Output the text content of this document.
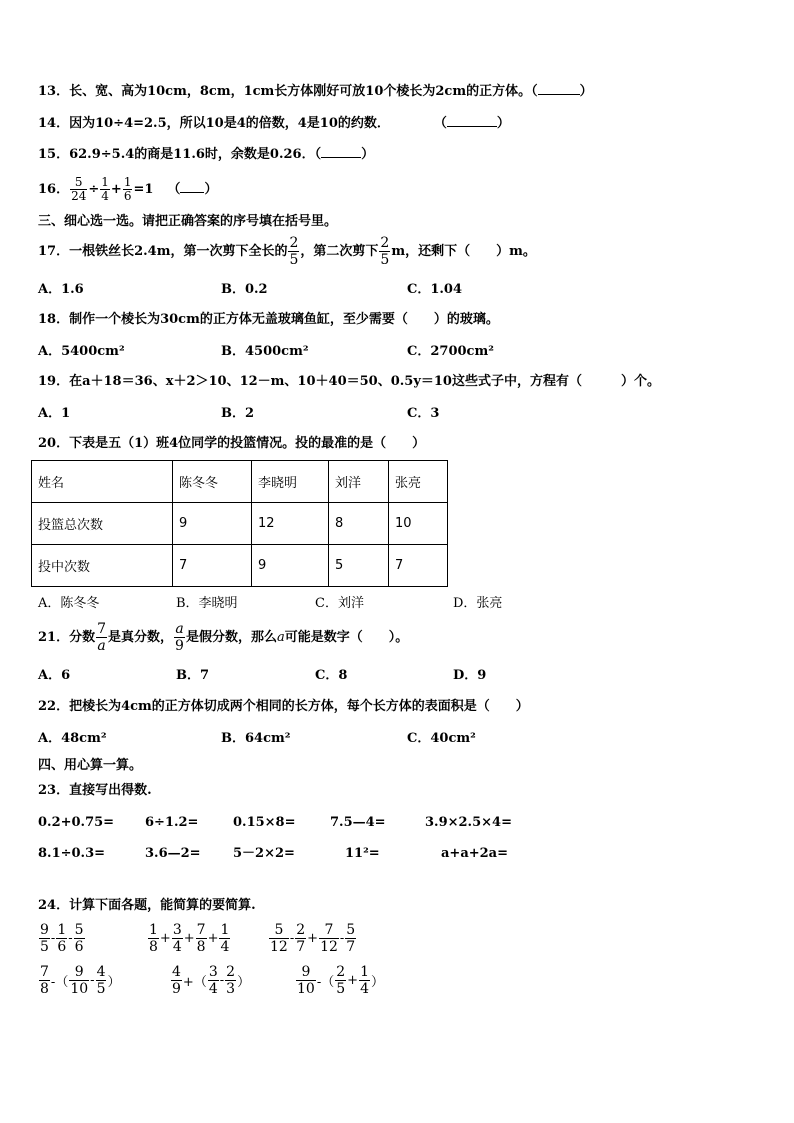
13．长、宽、高为10cm，8cm，1cm长方体刚好可放10个棱长为2cm的正方体。（	）
14．因为10÷4=2.5，所以10是4的倍数，4是10的约数．	（	）
15．62.9÷5.4的商是11.6时，余数是0.26．（	）
16． $\frac{5}{24} \div \frac{1}{4} + \frac{1}{6} =1$ （ ）
三、细心选一选。请把正确答案的序号填在括号里。
17．一根铁丝长2.4m，第一次剪下全长的 $\frac{2}{5}$ ，第二次剪下 $\frac{2}{5}$ m，还剩下（　　）m。
A．1.6	B．0.2	C．1.04
18．制作一个棱长为30cm的正方体无盖玻璃鱼缸，至少需要（　　）的玻璃。
A．5400cm²	B．4500cm²	C．2700cm²
19．在a＋18＝36、x＋2＞10、12－m、10＋40＝50、0.5y＝10这些式子中，方程有（　　　）个。
A．1	B．2	C．3
20．下表是五（1）班4位同学的投篮情况。投的最准的是（　　）
姓名	陈冬冬	李晓明	刘洋	张亮
投篮总次数	9	12	8	10
投中次数	7	9	5	7
A．陈冬冬	B．李晓明	C．刘洋	D．张亮
21．分数 $\frac{7}{a}$ 是真分数， $\frac{a}{9}$ 是假分数，那么a可能是数字（　　）。
A．6	B．7	C．8	D．9
22．把棱长为4cm的正方体切成两个相同的长方体，每个长方体的表面积是（　　）
A．48cm²	B．64cm²	C．40cm²
四、用心算一算。
23．直接写出得数.
0.2+0.75= 6÷1.2=	0.15×8=	7.5—4=	3.9×2.5×4=
8.1÷0.3=	3.6—2= 5－2×2=	11²=	a+a+2a=
24．计算下面各题，能简算的要简算.
$\frac{9}{5} - \frac{1}{6} - \frac{5}{6}$	$\frac{1}{8} + \frac{3}{4} + \frac{7}{8} + \frac{1}{4}$	$\frac{5}{12} - \frac{2}{7} + \frac{7}{12} - \frac{5}{7}$
$\frac{7}{8}$ -（ $\frac{9}{10} - \frac{4}{5}$ ）	$\frac{4}{9}$ +（ $\frac{3}{4} - \frac{2}{3}$ ）	$\frac{9}{10}$ -（ $\frac{2}{5} + \frac{1}{4}$ ）
